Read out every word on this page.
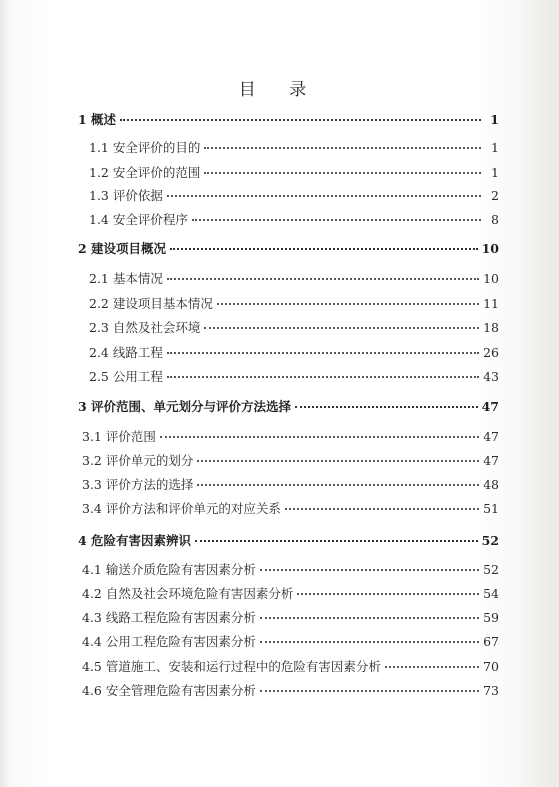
目 录
1 概述	1
1.1 安全评价的目的	1
1.2 安全评价的范围	1
1.3 评价依据	2
1.4 安全评价程序	8
2 建设项目概况	10
2.1 基本情况	10
2.2 建设项目基本情况	11
2.3 自然及社会环境	18
2.4 线路工程	26
2.5 公用工程	43
3 评价范围、单元划分与评价方法选择	47
3.1 评价范围	47
3.2 评价单元的划分	47
3.3 评价方法的选择	48
3.4 评价方法和评价单元的对应关系	51
4 危险有害因素辨识	52
4.1 输送介质危险有害因素分析	52
4.2 自然及社会环境危险有害因素分析	54
4.3 线路工程危险有害因素分析	59
4.4 公用工程危险有害因素分析	67
4.5 管道施工、安装和运行过程中的危险有害因素分析	70
4.6 安全管理危险有害因素分析	73
